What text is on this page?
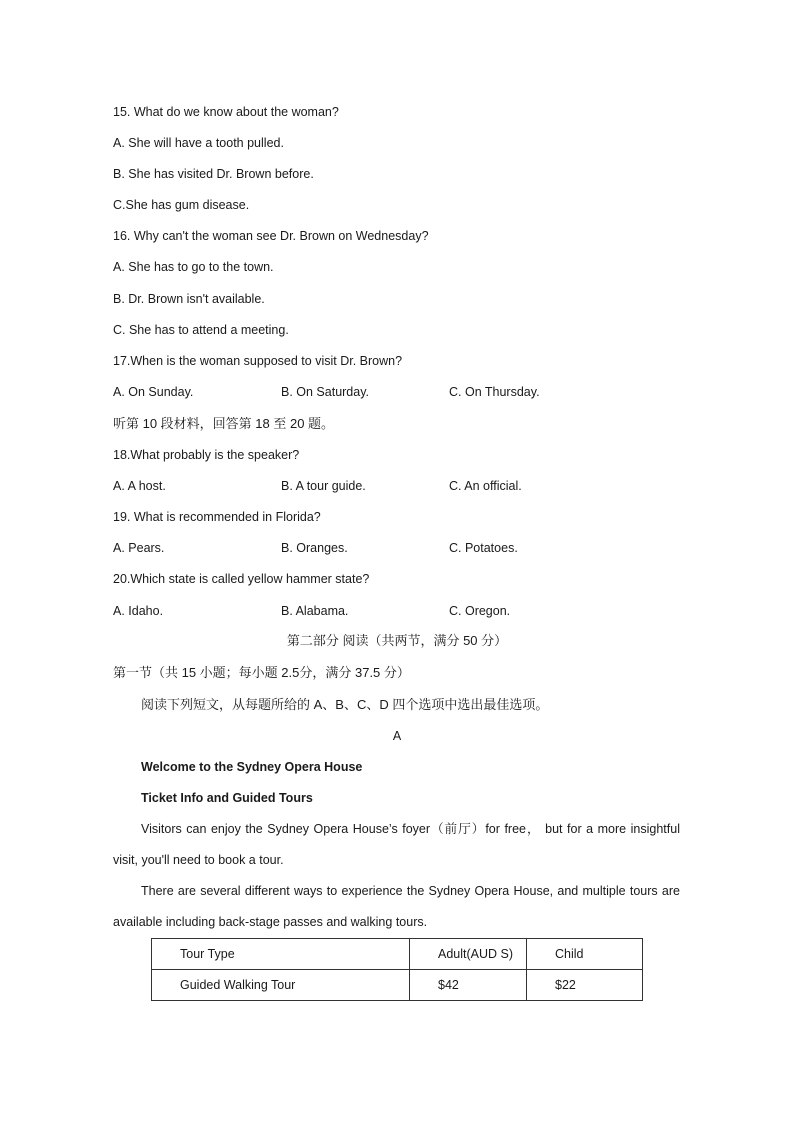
15. What do we know about the woman?
A. She will have a tooth pulled.
B. She has visited Dr. Brown before.
C.She has gum disease.
16. Why can't the woman see Dr. Brown on Wednesday?
A. She has to go to the town.
B. Dr. Brown isn't available.
C. She has to attend a meeting.
17.When is the woman supposed to visit Dr. Brown?
A. On Sunday.	B. On Saturday.	C. On Thursday.
听第 10 段材料，回答第 18 至 20 题。
18.What probably is the speaker?
A. A host.	B. A tour guide.	C. An official.
19. What is recommended in Florida?
A. Pears.	B. Oranges.	C. Potatoes.
20.Which state is called yellow hammer state?
A. Idaho.	B. Alabama.	C. Oregon.
第二部分 阅读（共两节，满分 50 分）
第一节（共 15 小题；每小题 2.5分，满分 37.5 分）
阅读下列短文，从每题所给的 A、B、C、D 四个选项中选出最佳选项。
A
Welcome to the Sydney Opera House
Ticket Info and Guided Tours
Visitors can enjoy the Sydney Opera House’s foyer（前厅）for free， but for a more insightful visit, you'll need to book a tour.
There are several different ways to experience the Sydney Opera House, and multiple tours are available including back-stage passes and walking tours.
Tour Type	Adult(AUD S)	Child
Guided Walking Tour	$42	$22
